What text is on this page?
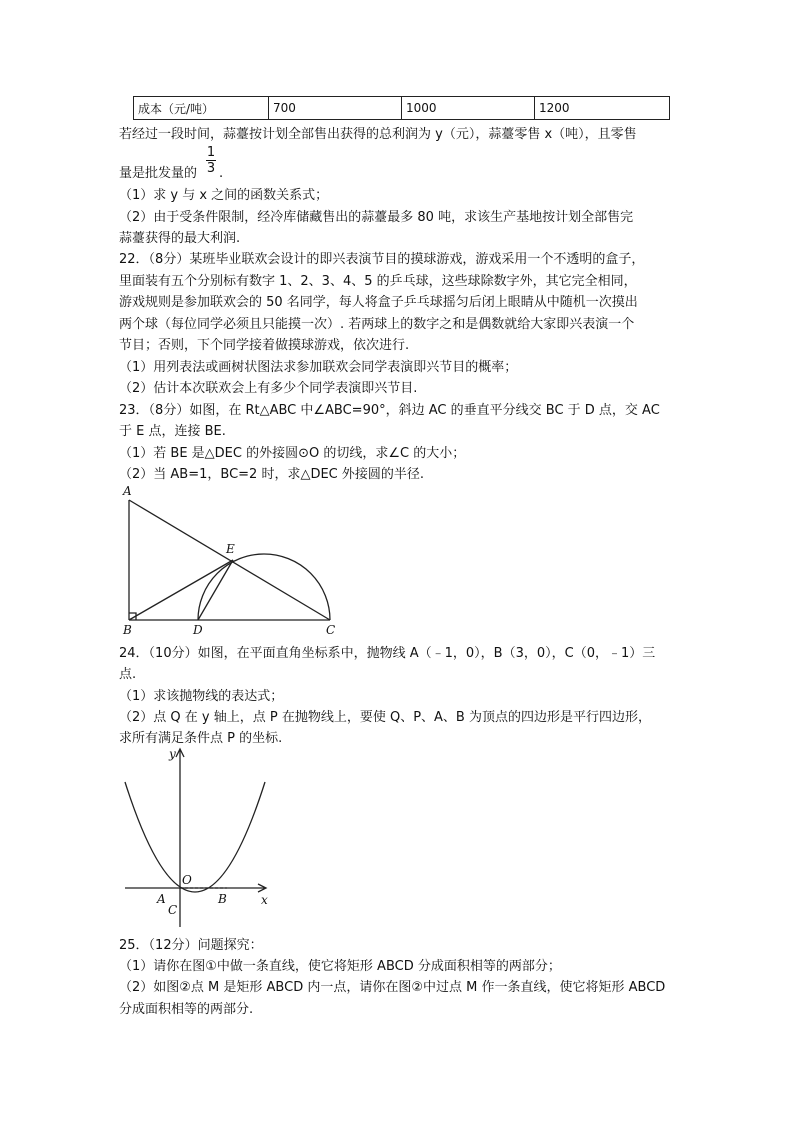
成本（元/吨）	700	1000	1200
若经过一段时间，蒜薹按计划全部售出获得的总利润为 y（元），蒜薹零售 x（吨），且零售
$\frac{1}{3}$
量是批发量的 .
（1）求 y 与 x 之间的函数关系式；
（2）由于受条件限制，经冷库储藏售出的蒜薹最多 80 吨，求该生产基地按计划全部售完
蒜薹获得的最大利润.
22．（8分）某班毕业联欢会设计的即兴表演节目的摸球游戏，游戏采用一个不透明的盒子，
里面装有五个分别标有数字 1、2、3、4、5 的乒乓球，这些球除数字外，其它完全相同，
游戏规则是参加联欢会的 50 名同学，每人将盒子乒乓球摇匀后闭上眼睛从中随机一次摸出
两个球（每位同学必须且只能摸一次）. 若两球上的数字之和是偶数就给大家即兴表演一个
节目；否则，下个同学接着做摸球游戏，依次进行.
（1）用列表法或画树状图法求参加联欢会同学表演即兴节目的概率；
（2）估计本次联欢会上有多少个同学表演即兴节目.
23．（8分）如图，在 Rt△ABC 中∠ABC=90°，斜边 AC 的垂直平分线交 BC 于 D 点，交 AC
于 E 点，连接 BE.
（1）若 BE 是△DEC 的外接圆⊙O 的切线，求∠C 的大小；
（2）当 AB=1，BC=2 时，求△DEC 外接圆的半径.
A
B	D	C
E
24．（10分）如图，在平面直角坐标系中，抛物线 A（﹣1，0），B（3，0），C（0，﹣1）三
点.
（1）求该抛物线的表达式；
（2）点 Q 在 y 轴上，点 P 在抛物线上，要使 Q、P、A、B 为顶点的四边形是平行四边形，
求所有满足条件点 P 的坐标.
y
x
O
A	B
C
25．（12分）问题探究：
（1）请你在图①中做一条直线，使它将矩形 ABCD 分成面积相等的两部分；
（2）如图②点 M 是矩形 ABCD 内一点，请你在图②中过点 M 作一条直线，使它将矩形 ABCD
分成面积相等的两部分.
